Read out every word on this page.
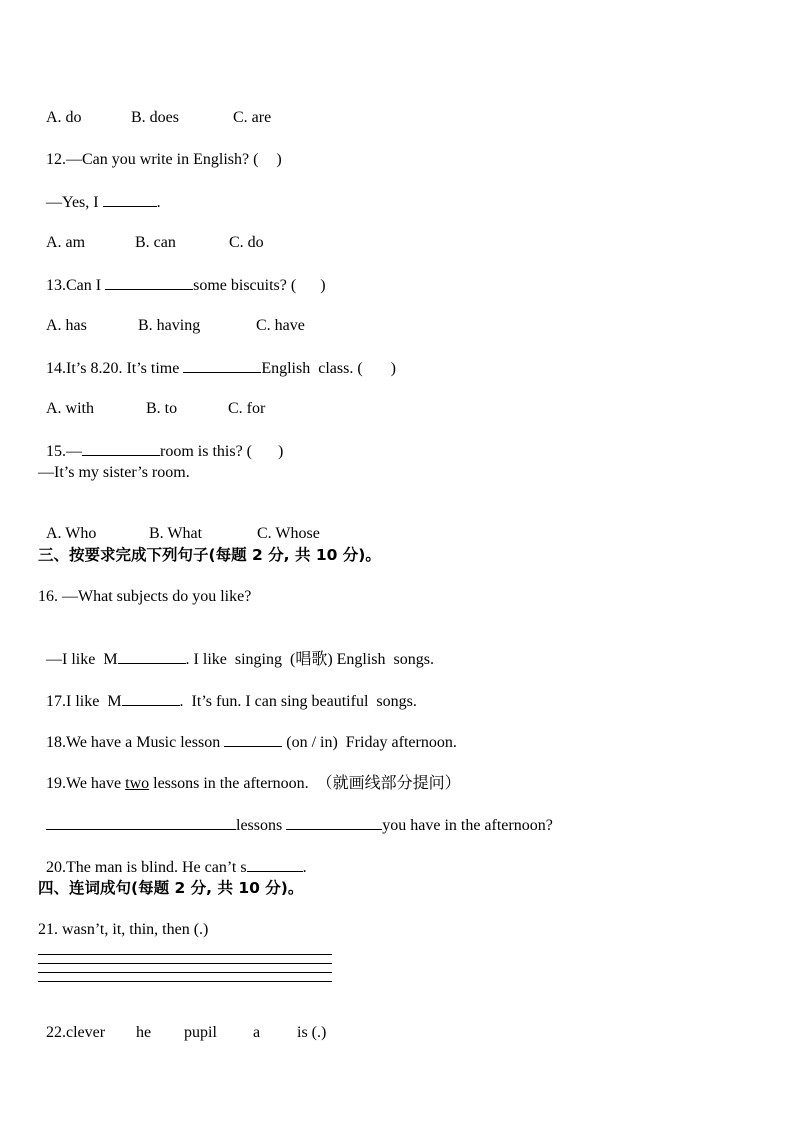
A. do	B. does	C. are

12.—Can you write in English? ( )

—Yes, I	.

A. am	B. can	C. do

13.Can I	some biscuits? ( )

A. has	B. having	C. have

14.It’s 8.20. It’s time	English  class. ( )

A. with	B. to	C. for

15.—	room is this? ( )

—It’s my sister’s room.

A. Who	B. What	C. Whose

三、按要求完成下列句子(每题 2 分, 共 10 分)。
16. —What subjects do you like?

—I like  M	. I like  singing  (唱歌) English  songs.

17.I like  M	.  It’s fun. I can sing beautiful  songs.

18.We have a Music lesson	(on / in)  Friday afternoon.

19.We have two lessons in the afternoon.  （就画线部分提问）

lessons	you have in the afternoon?

20.The man is blind. He can’t s	.

四、连词成句(每题 2 分, 共 10 分)。
21. wasn’t, it, thin, then (.)

22.clever he pupil a is (.)
